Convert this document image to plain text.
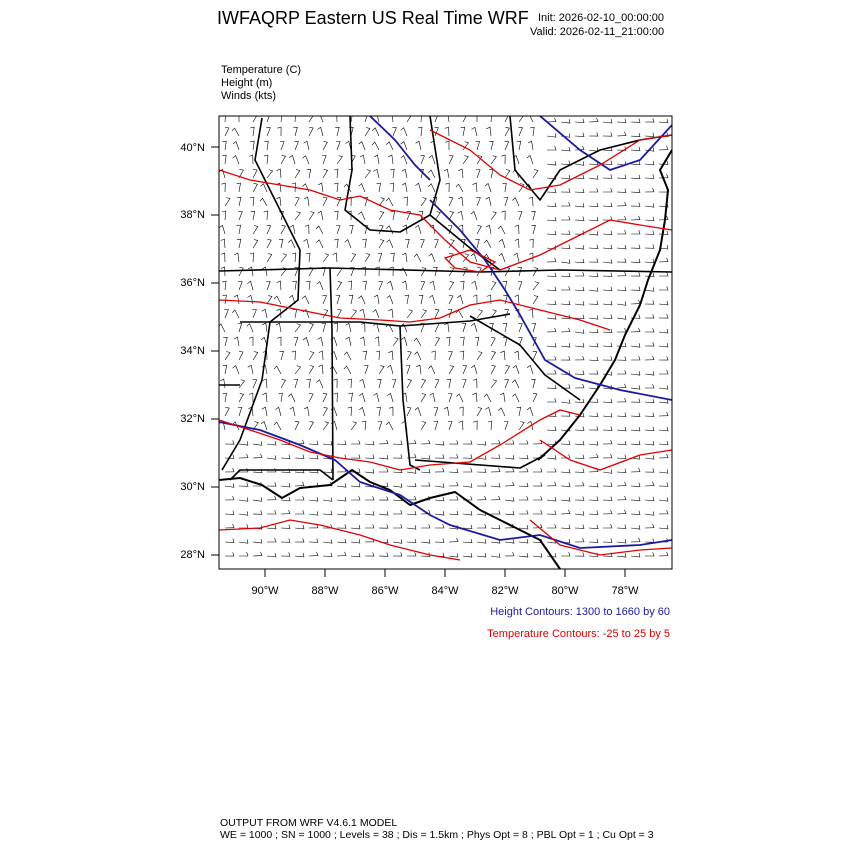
IWFAQRP Eastern US Real Time WRF Init: 2026-02-10_00:00:00
Valid: 2026-02-11_21:00:00
Temperature (C)
Height (m)
Winds (kts)
40°N
38°N
36°N
34°N
32°N
30°N
28°N
90°W	88°W	86°W	84°W	82°W	80°W	78°W
Height Contours: 1300 to 1660 by 60
Temperature Contours: -25 to 25 by 5
OUTPUT FROM WRF V4.6.1 MODEL
WE = 1000 ; SN = 1000 ; Levels = 38 ; Dis = 1.5km ; Phys Opt = 8 ; PBL Opt = 1 ; Cu Opt = 3
